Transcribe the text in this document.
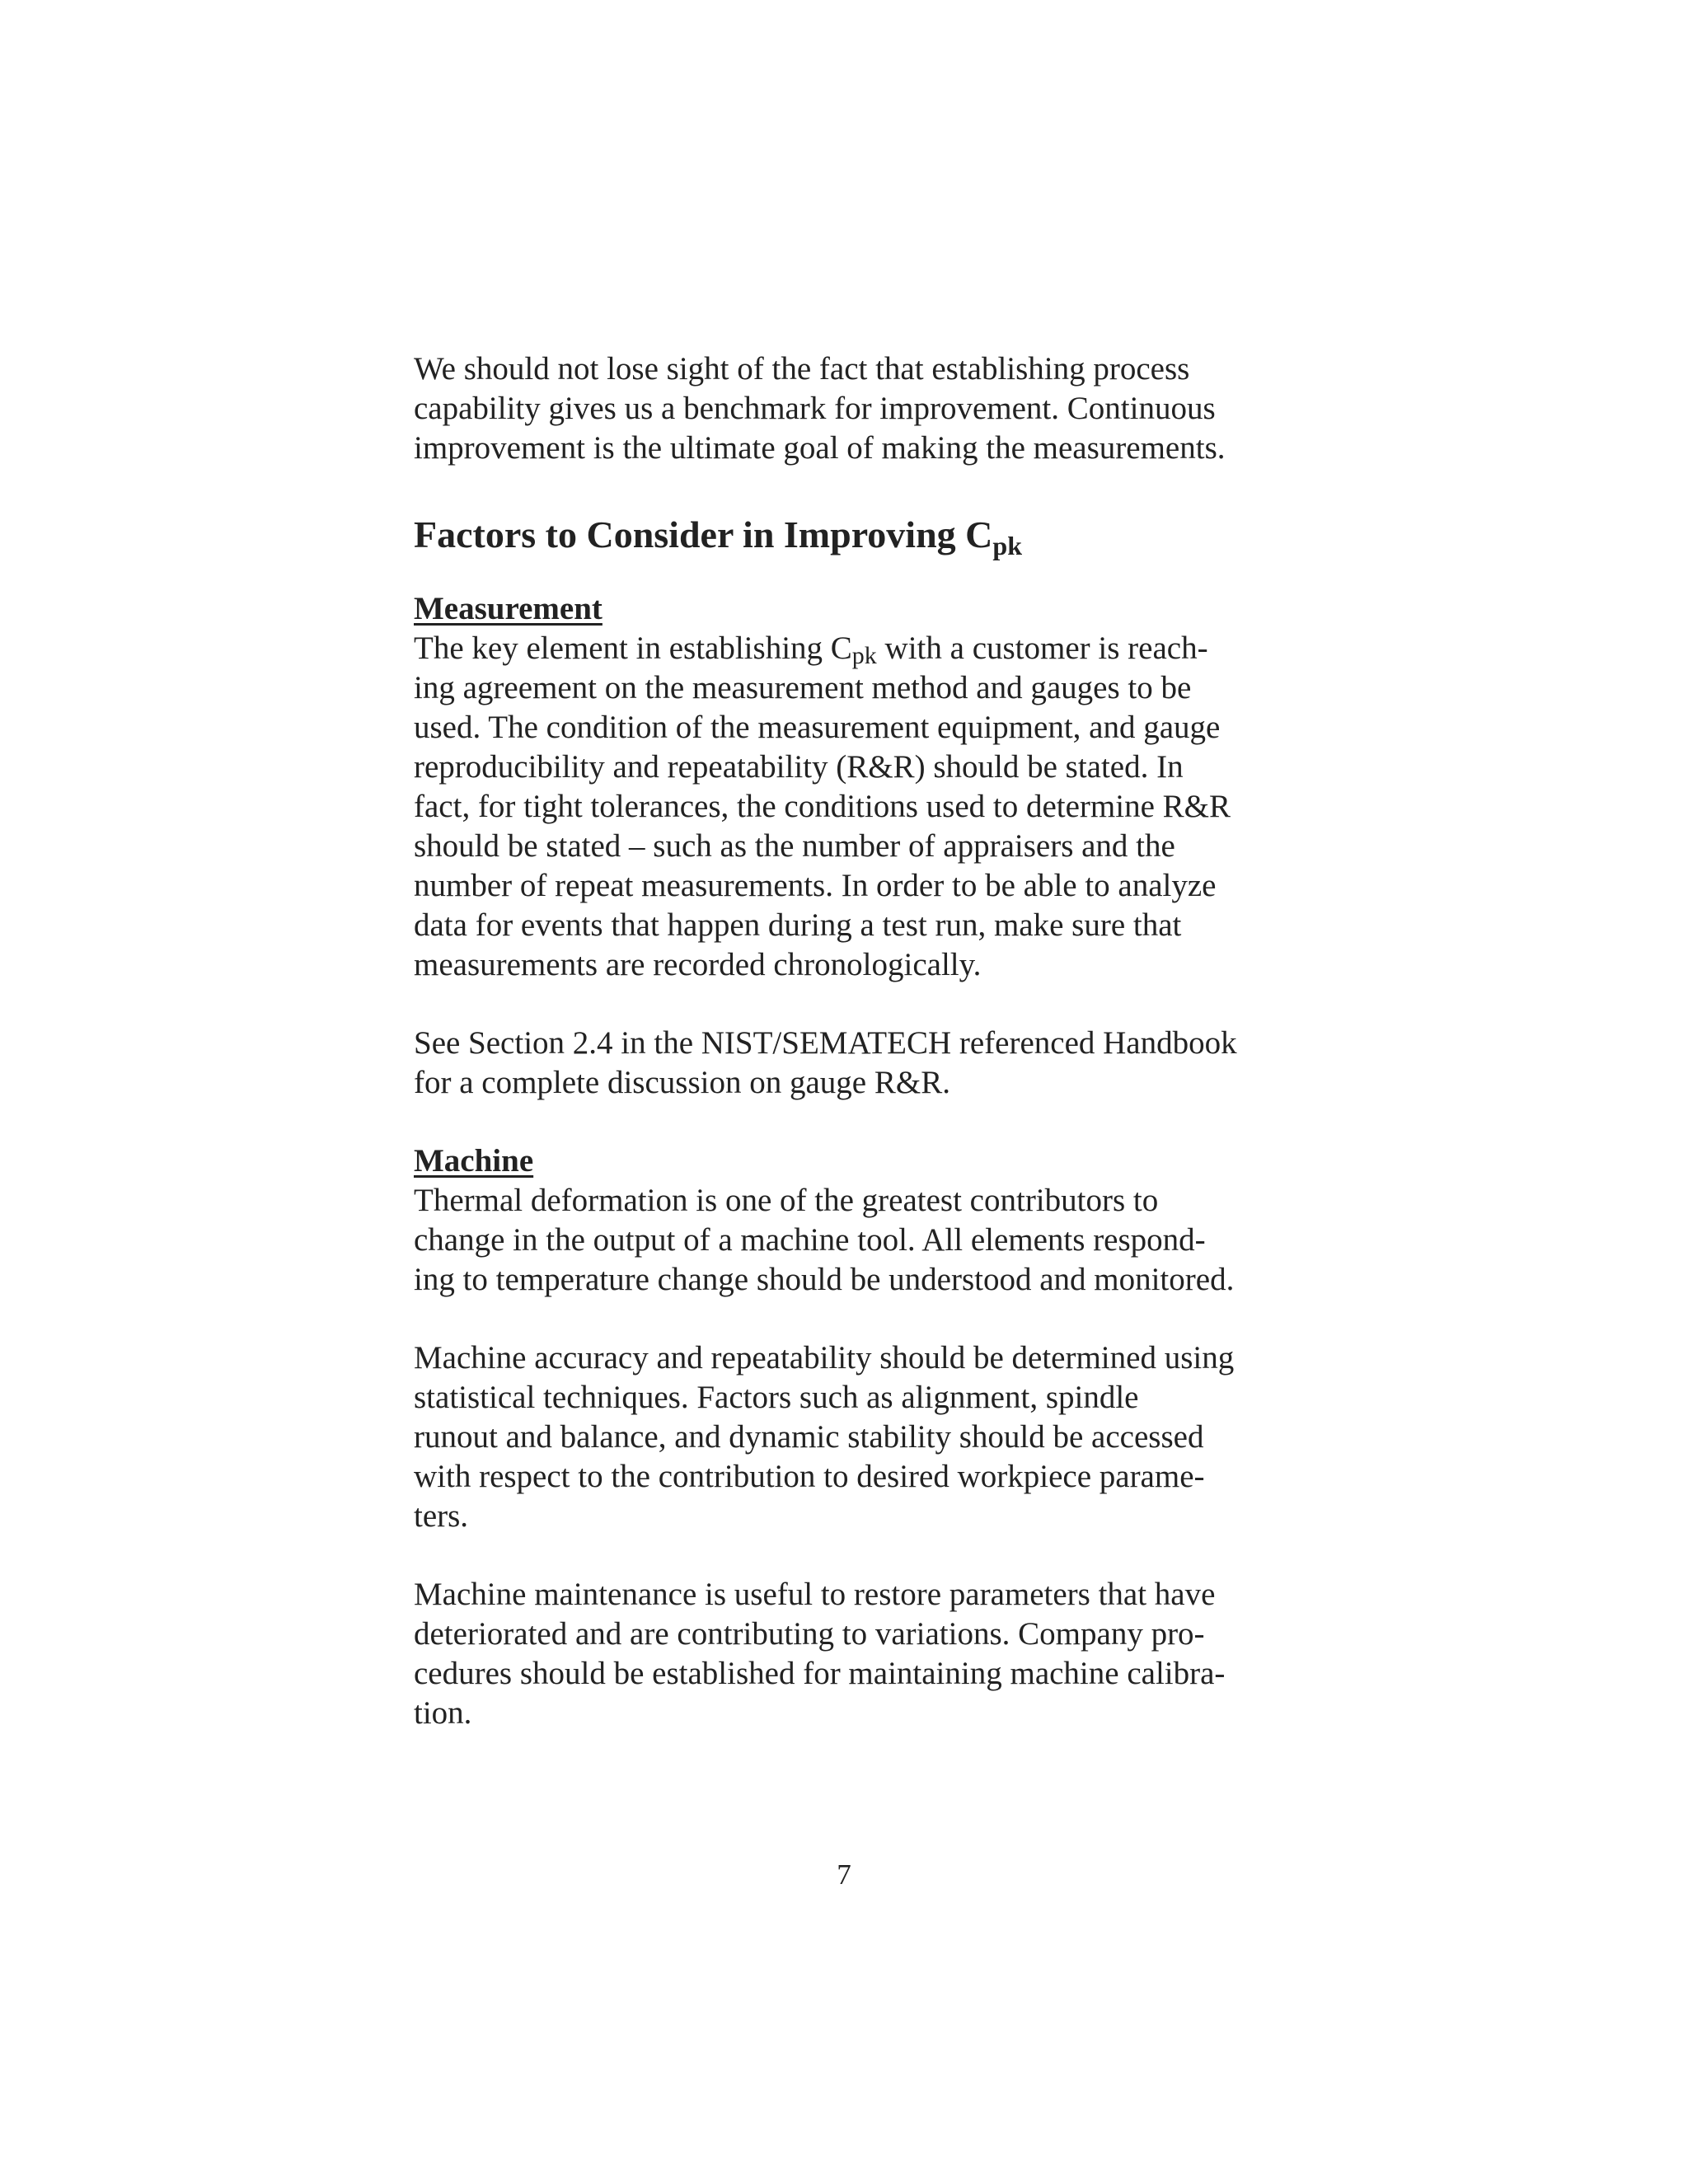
We should not lose sight of the fact that establishing process
capability gives us a benchmark for improvement. Continuous
improvement is the ultimate goal of making the measurements.

Factors to Consider in Improving $C_{pk}$

Measurement
The key element in establishing $C_{pk}$ with a customer is reach-
ing agreement on the measurement method and gauges to be
used. The condition of the measurement equipment, and gauge
reproducibility and repeatability (R&R) should be stated. In
fact, for tight tolerances, the conditions used to determine R&R
should be stated – such as the number of appraisers and the
number of repeat measurements. In order to be able to analyze
data for events that happen during a test run, make sure that
measurements are recorded chronologically.

See Section 2.4 in the NIST/SEMATECH referenced Handbook
for a complete discussion on gauge R&R.

Machine
Thermal deformation is one of the greatest contributors to
change in the output of a machine tool. All elements respond-
ing to temperature change should be understood and monitored.

Machine accuracy and repeatability should be determined using
statistical techniques. Factors such as alignment, spindle
runout and balance, and dynamic stability should be accessed
with respect to the contribution to desired workpiece parame-
ters.

Machine maintenance is useful to restore parameters that have
deteriorated and are contributing to variations. Company pro-
cedures should be established for maintaining machine calibra-
tion.

7
